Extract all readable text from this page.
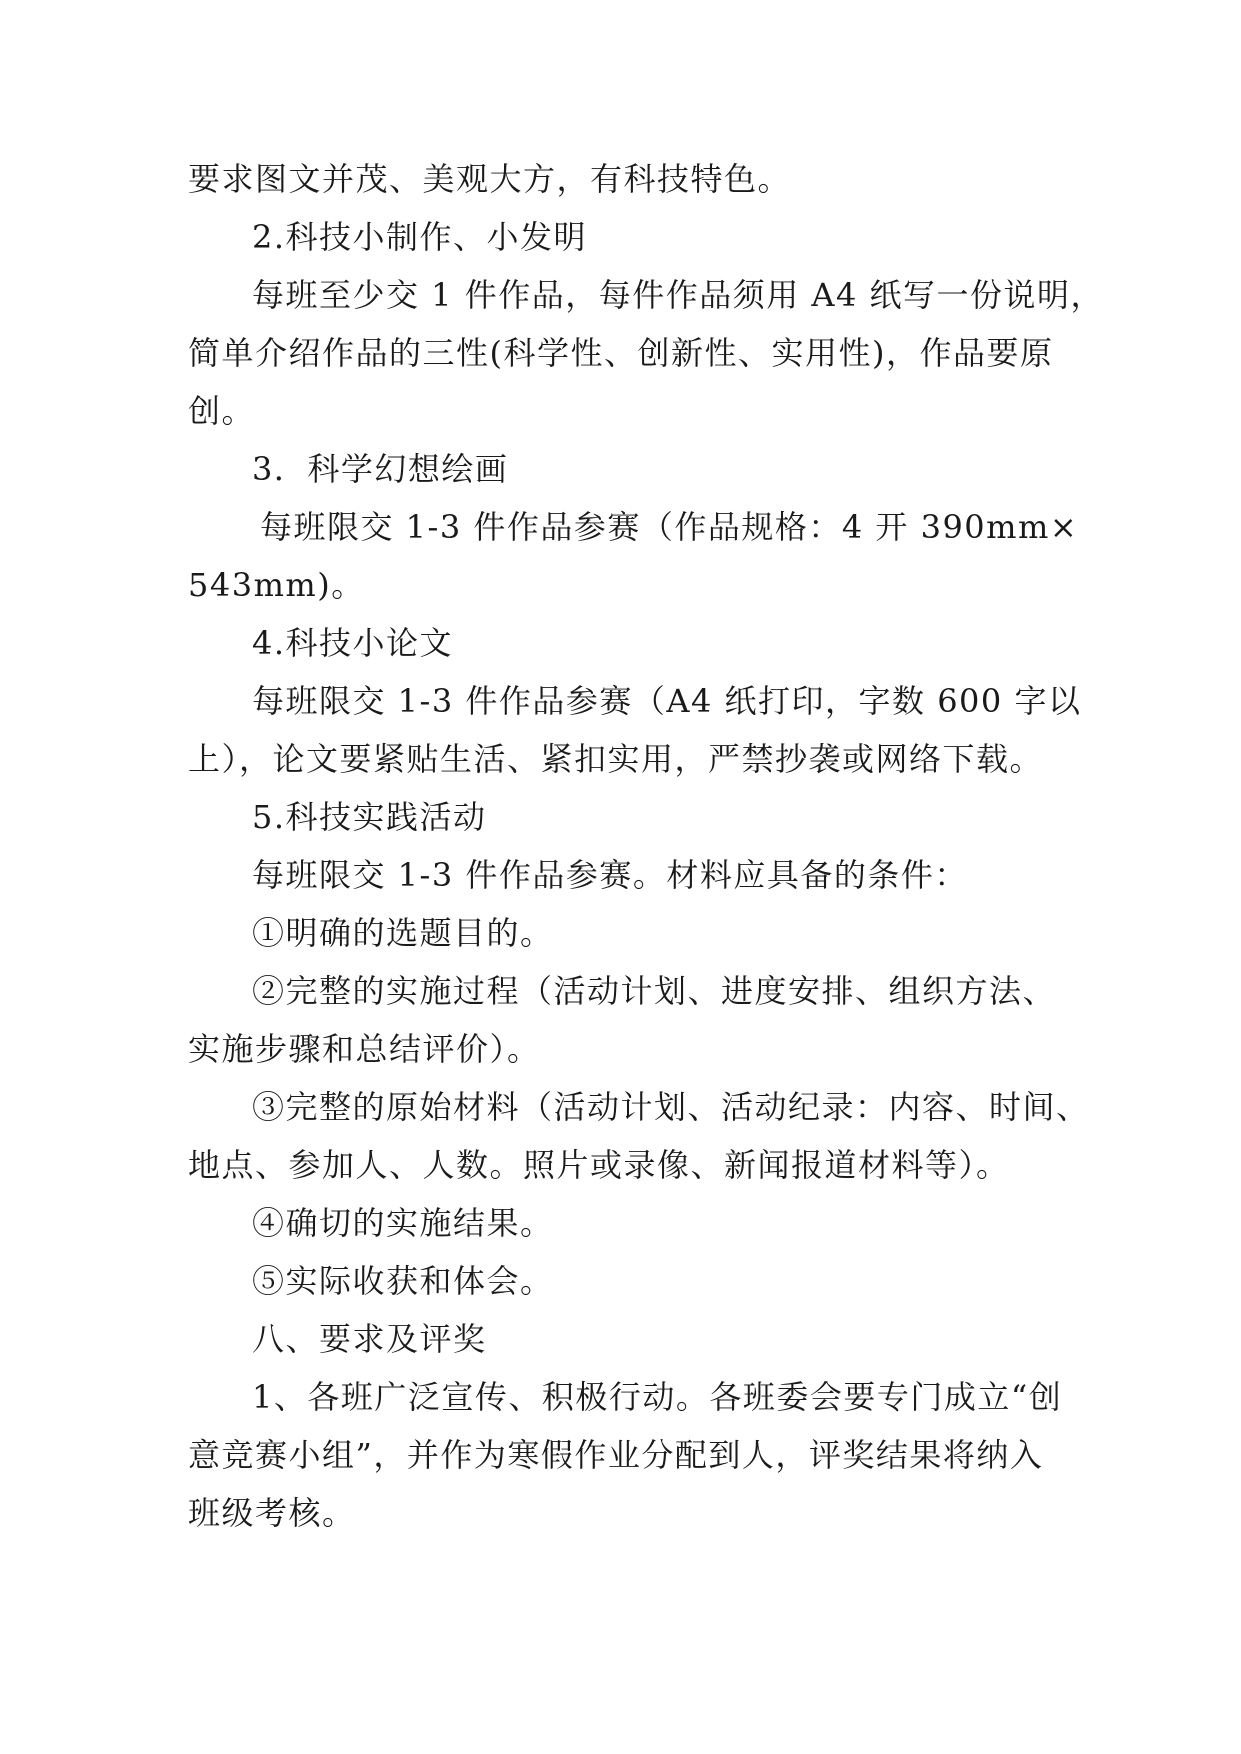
要求图文并茂、美观大方，有科技特色。
2.科技小制作、小发明
每班至少交 1 件作品，每件作品须用 A4 纸写一份说明，
简单介绍作品的三性(科学性、创新性、实用性)，作品要原
创。
3．科学幻想绘画
每班限交 1-3 件作品参赛（作品规格：4 开 390mm×
543mm)。
4.科技小论文
每班限交 1-3 件作品参赛（A4 纸打印，字数 600 字以
上），论文要紧贴生活、紧扣实用，严禁抄袭或网络下载。
5.科技实践活动
每班限交 1-3 件作品参赛。材料应具备的条件：
①明确的选题目的。
②完整的实施过程（活动计划、进度安排、组织方法、
实施步骤和总结评价）。
③完整的原始材料（活动计划、活动纪录：内容、时间、
地点、参加人、人数。照片或录像、新闻报道材料等）。
④确切的实施结果。
⑤实际收获和体会。
八、要求及评奖
1、各班广泛宣传、积极行动。各班委会要专门成立“创
意竞赛小组”，并作为寒假作业分配到人，评奖结果将纳入
班级考核。
